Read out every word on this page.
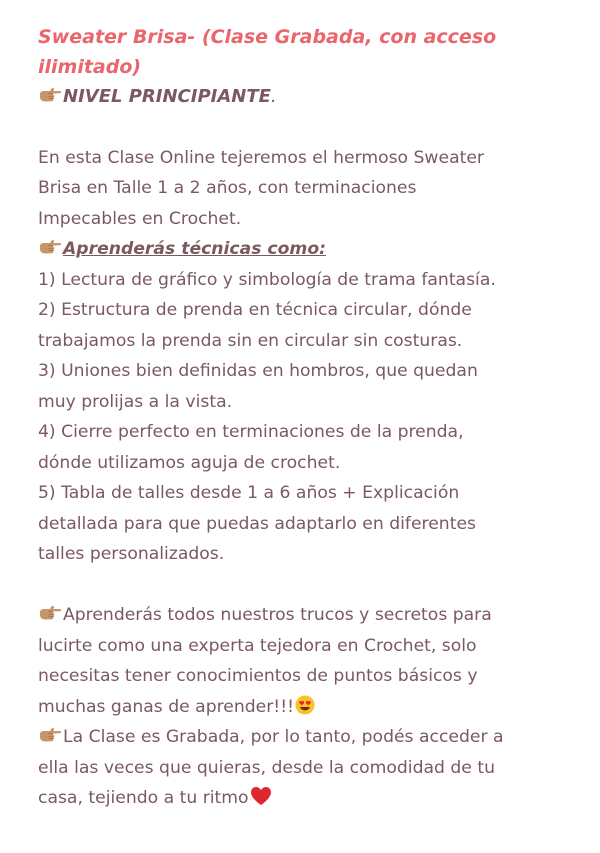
Sweater Brisa- (Clase Grabada, con acceso ilimitado)

NIVEL PRINCIPIANTE.

En esta Clase Online tejeremos el hermoso Sweater

Brisa en Talle 1 a 2 años, con terminaciones

Impecables en Crochet.

Aprenderás técnicas como:

1) Lectura de gráfico y simbología de trama fantasía.

2) Estructura de prenda en técnica circular, dónde

trabajamos la prenda sin en circular sin costuras.

3) Uniones bien definidas en hombros, que quedan

muy prolijas a la vista.

4) Cierre perfecto en terminaciones de la prenda,

dónde utilizamos aguja de crochet.

5) Tabla de talles desde 1 a 6 años + Explicación

detallada para que puedas adaptarlo en diferentes

talles personalizados.

Aprenderás todos nuestros trucos y secretos para

lucirte como una experta tejedora en Crochet, solo

necesitas tener conocimientos de puntos básicos y

muchas ganas de aprender!!!

La Clase es Grabada, por lo tanto, podés acceder a

ella las veces que quieras, desde la comodidad de tu

casa, tejiendo a tu ritmo
